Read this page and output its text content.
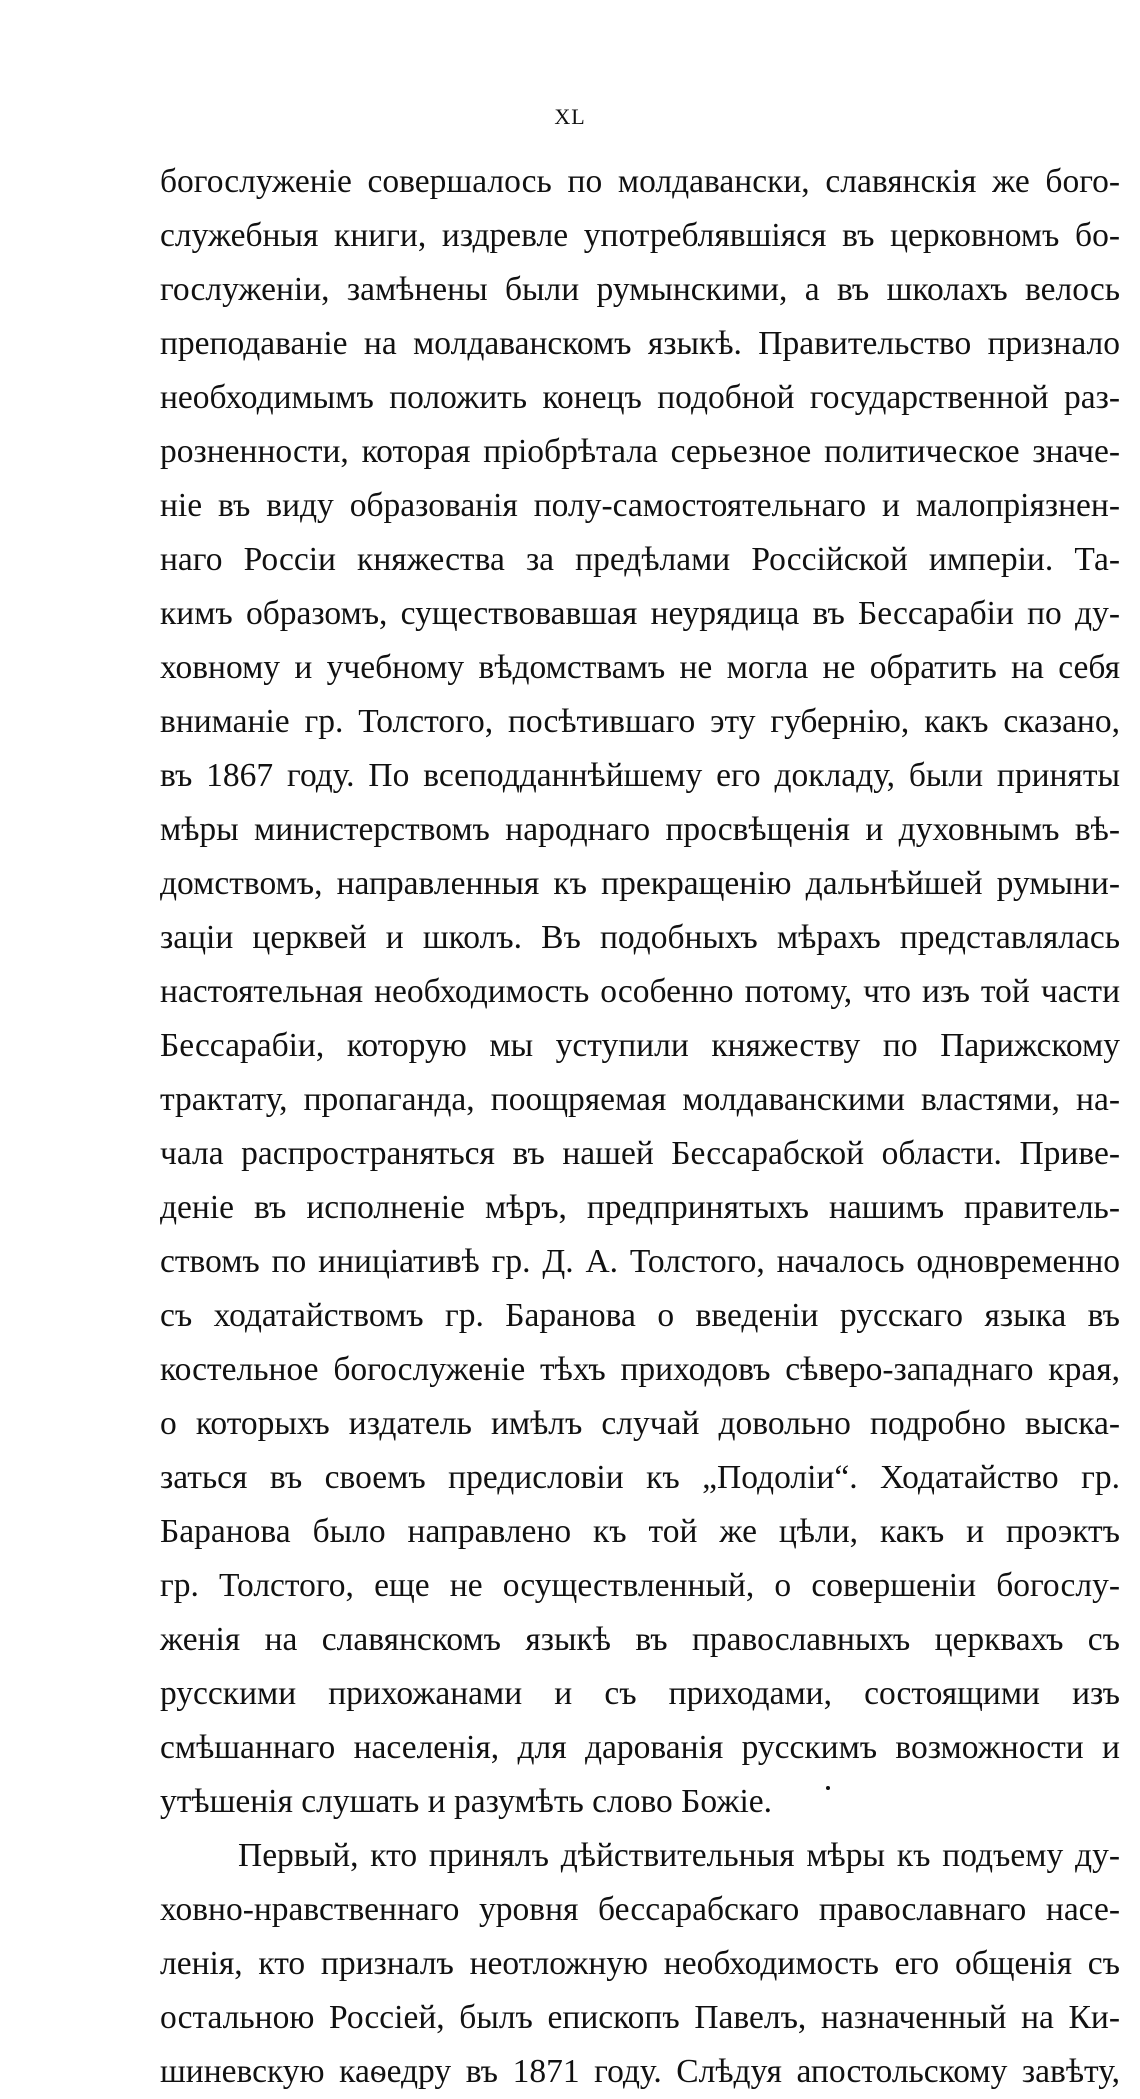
XL
богослуженіе совершалось по молдавански, славянскія же бого-
служебныя книги, издревле употреблявшіяся въ церковномъ бо-
гослуженіи, замѣнены были румынскими, а въ школахъ велось
преподаваніе на молдаванскомъ языкѣ. Правительство признало
необходимымъ положить конецъ подобной государственной раз-
розненности, которая пріобрѣтала серьезное политическое значе-
ніе въ виду образованія полу-самостоятельнаго и малопріязнен-
наго Россіи княжества за предѣлами Россійской имперіи. Та-
кимъ образомъ, существовавшая неурядица въ Бессарабіи по ду-
ховному и учебному вѣдомствамъ не могла не обратить на себя
вниманіе гр. Толстого, посѣтившаго эту губернію, какъ сказано,
въ 1867 году. По всеподданнѣйшему его докладу, были приняты
мѣры министерствомъ народнаго просвѣщенія и духовнымъ вѣ-
домствомъ, направленныя къ прекращенію дальнѣйшей румыни-
заціи церквей и школъ. Въ подобныхъ мѣрахъ представлялась
настоятельная необходимость особенно потому, что изъ той части
Бессарабіи, которую мы уступили княжеству по Парижскому
трактату, пропаганда, поощряемая молдаванскими властями, на-
чала распространяться въ нашей Бессарабской области. Приве-
деніе въ исполненіе мѣръ, предпринятыхъ нашимъ правитель-
ствомъ по иниціативѣ гр. Д. А. Толстого, началось одновременно
съ ходатайствомъ гр. Баранова о введеніи русскаго языка въ
костельное богослуженіе тѣхъ приходовъ сѣверо-западнаго края,
о которыхъ издатель имѣлъ случай довольно подробно выска-
заться въ своемъ предисловіи къ „Подоліи“. Ходатайство гр.
Баранова было направлено къ той же цѣли, какъ и проэктъ
гр. Толстого, еще не осуществленный, о совершеніи богослу-
женія на славянскомъ языкѣ въ православныхъ церквахъ съ
русскими прихожанами и съ приходами, состоящими изъ
смѣшаннаго населенія, для дарованія русскимъ возможности и
утѣшенія слушать и разумѣть слово Божіе.
Первый, кто принялъ дѣйствительныя мѣры къ подъему ду-
ховно-нравственнаго уровня бессарабскаго православнаго насе-
ленія, кто призналъ неотложную необходимость его общенія съ
остальною Россіей, былъ епископъ Павелъ, назначенный на Ки-
шиневскую каѳедру въ 1871 году. Слѣдуя апостольскому завѣту,
